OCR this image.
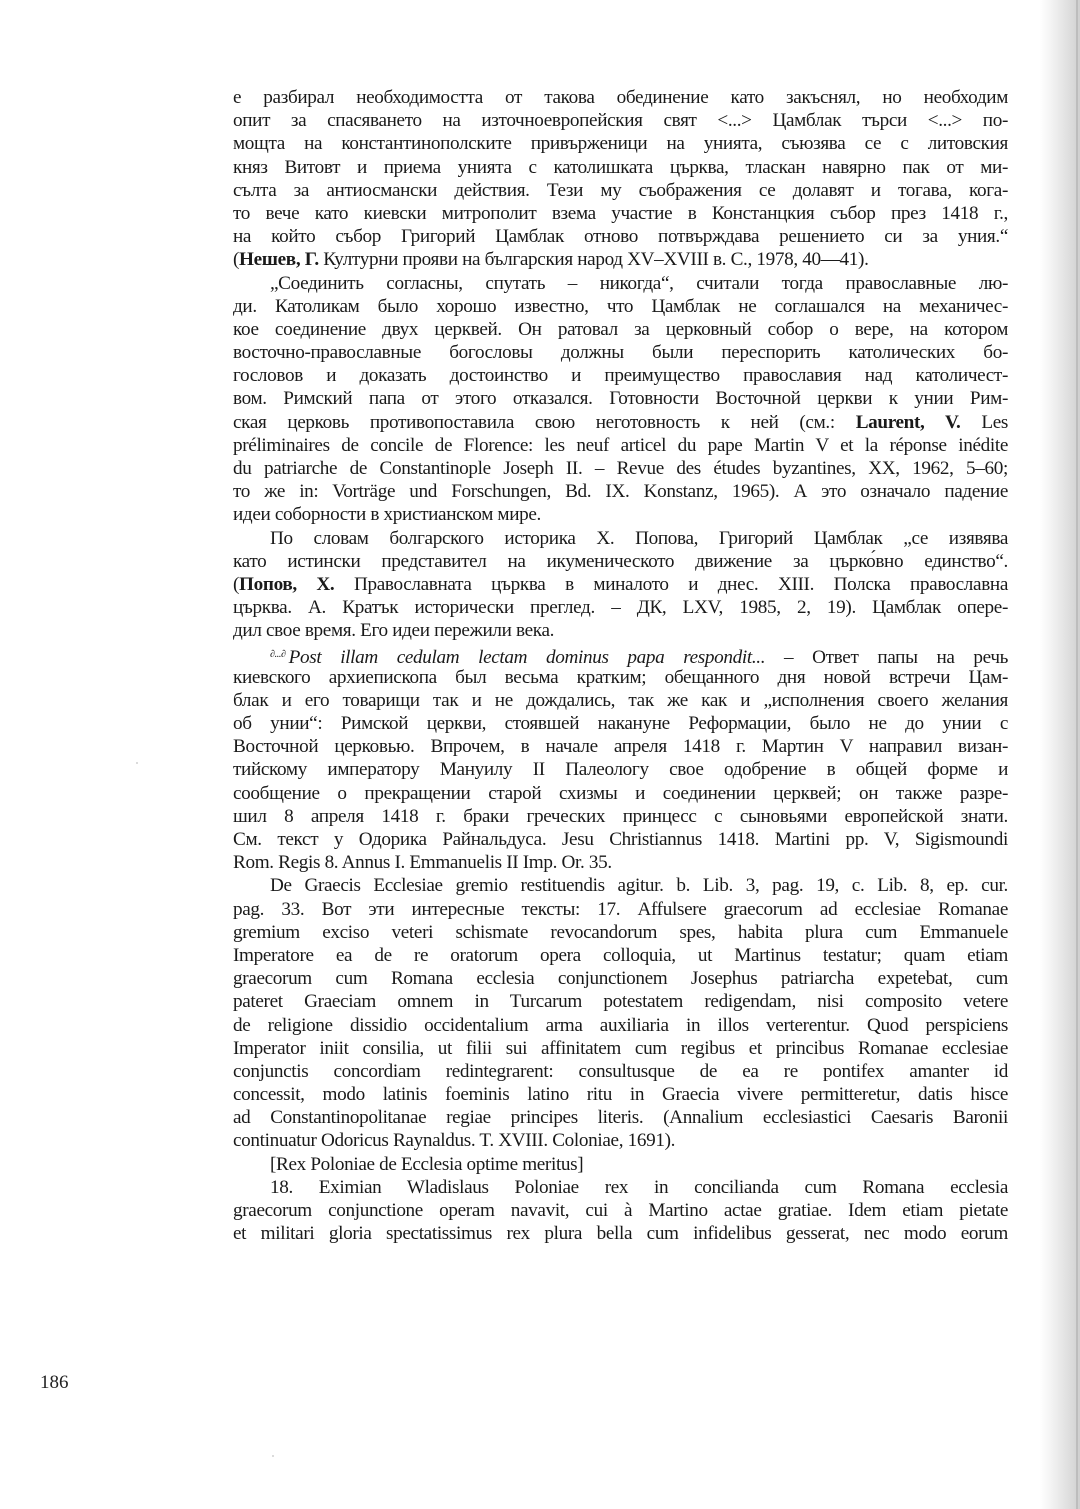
е разбирал необходимостта от такова обединение като закъснял, но необходим
опит за спасяването на източноевропейския свят <...> Цамблак търси <...> по-
мощта на константинополските привърженици на унията, съюзява се с литовския
княз Витовт и приема унията с католишката църква, тласкан навярно пак от ми-
сълта за антиосмански действия. Тези му съображения се долавят и тогава, кога-
то вече като киевски митрополит взема участие в Констанцкия събор през 1418 г.,
на който събор Григорий Цамблак отново потвърждава решението си за уния.“
(Нешев, Г. Културни прояви на българския народ XV–XVIII в. С., 1978, 40—41).
„Соединить согласны, спутать – никогда“, считали тогда православные лю-
ди. Католикам было хорошо известно, что Цамблак не соглашался на механичес-
кое соединение двух церквей. Он ратовал за церковный собор о вере, на котором
восточно-православные богословы должны были переспорить католических бо-
гословов и доказать достоинство и преимущество православия над католичест-
вом. Римский папа от этого отказался. Готовности Восточной церкви к унии Рим-
ская церковь противопоставила свою неготовность к ней (см.: Laurent, V. Les
préliminaires de concile de Florence: les neuf articel du pape Martin V et la réponse inédite
du patriarche de Constantinople Joseph II. – Revue des études byzantines, XX, 1962, 5–60;
то же in: Vorträge und Forschungen, Bd. IX. Konstanz, 1965). А это означало падение
идеи соборности в христианском мире.
По словам болгарского историка Х. Попова, Григорий Цамблак „се изявява
като истински представител на икуменическото движение за църко́вно единство“.
(Попов, Х. Православната църква в миналото и днес. XIII. Полска православна
църква. А. Кратък исторически преглед. – ДК, LXV, 1985, 2, 19). Цамблак опере-
дил свое время. Его идеи пережили века.
∂...∂ Post illam cedulam lectam dominus papa respondit... – Ответ папы на речь
киевского архиепископа был весьма кратким; обещанного дня новой встречи Цам-
блак и его товарищи так и не дождались, так же как и „исполнения своего желания
об унии“: Римской церкви, стоявшей накануне Реформации, было не до унии с
Восточной церковью. Впрочем, в начале апреля 1418 г. Мартин V направил визан-
тийскому императору Мануилу II Палеологу свое одобрение в общей форме и
сообщение о прекращении старой схизмы и соединении церквей; он также разре-
шил 8 апреля 1418 г. браки греческих принцесс с сыновьями европейской знати.
См. текст у Одорика Райнальдуса. Jesu Christiannus 1418. Martini pp. V, Sigismoundi
Rom. Regis 8. Annus I. Emmanuelis II Imp. Or. 35.
De Graecis Ecclesiae gremio restituendis agitur. b. Lib. 3, pag. 19, c. Lib. 8, ep. cur.
pag. 33. Вот эти интересные тексты: 17. Affulsere graecorum ad ecclesiae Romanae
gremium exciso veteri schismate revocandorum spes, habita plura cum Emmanuele
Imperatore ea de re oratorum opera colloquia, ut Martinus testatur; quam etiam
graecorum cum Romana ecclesia conjunctionem Josephus patriarcha expetebat, cum
pateret Graeciam omnem in Turcarum potestatem redigendam, nisi composito vetere
de religione dissidio occidentalium arma auxiliaria in illos verterentur. Quod perspiciens
Imperator iniit consilia, ut filii sui affinitatem cum regibus et princibus Romanae ecclesiae
conjunctis concordiam redintegrarent: consultusque de ea re pontifex amanter id
concessit, modo latinis foeminis latino ritu in Graecia vivere permitteretur, datis hisce
ad Constantinopolitanae regiae principes literis. (Annalium ecclesiastici Caesaris Baronii
continuatur Odoricus Raynaldus. T. XVIII. Coloniae, 1691).
[Rex Poloniae de Ecclesia optime meritus]
18. Eximian Wladislaus Poloniae rex in concilianda cum Romana ecclesia
graecorum conjunctione operam navavit, cui à Martino actae gratiae. Idem etiam pietate
et militari gloria spectatissimus rex plura bella cum infidelibus gesserat, nec modo eorum
186
